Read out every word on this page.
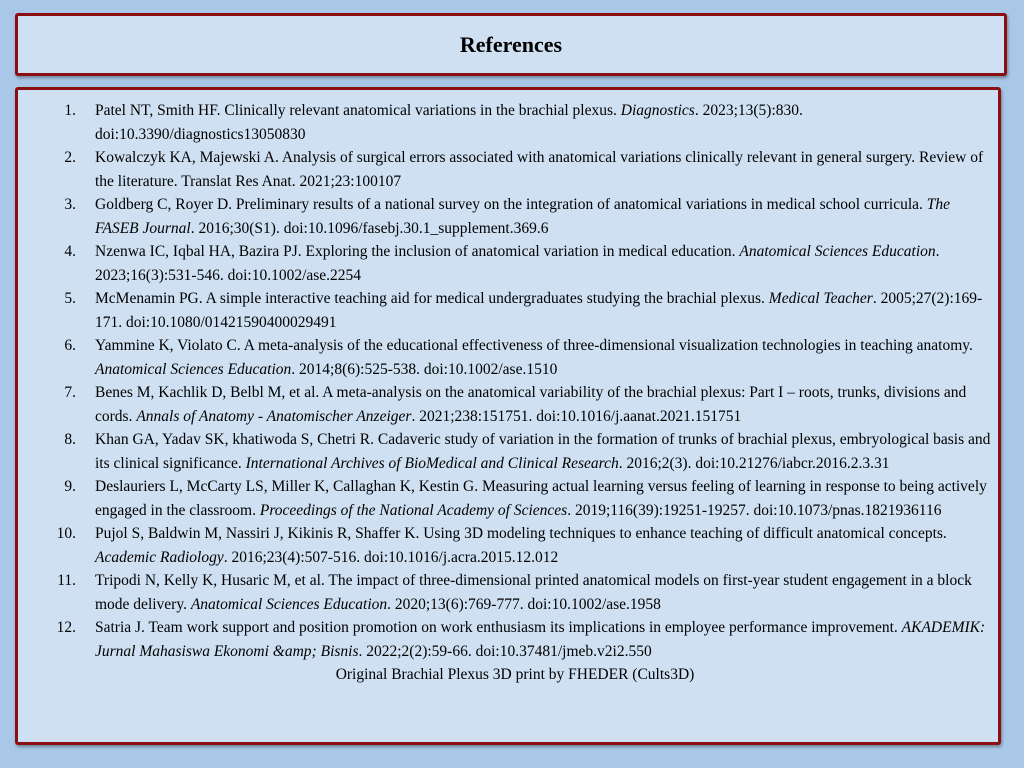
References
1. Patel NT, Smith HF. Clinically relevant anatomical variations in the brachial plexus. Diagnostics. 2023;13(5):830. doi:10.3390/diagnostics13050830
2. Kowalczyk KA, Majewski A. Analysis of surgical errors associated with anatomical variations clinically relevant in general surgery. Review of the literature. Translat Res Anat. 2021;23:100107
3. Goldberg C, Royer D. Preliminary results of a national survey on the integration of anatomical variations in medical school curricula. The FASEB Journal. 2016;30(S1). doi:10.1096/fasebj.30.1_supplement.369.6
4. Nzenwa IC, Iqbal HA, Bazira PJ. Exploring the inclusion of anatomical variation in medical education. Anatomical Sciences Education. 2023;16(3):531-546. doi:10.1002/ase.2254
5. McMenamin PG. A simple interactive teaching aid for medical undergraduates studying the brachial plexus. Medical Teacher. 2005;27(2):169-171. doi:10.1080/01421590400029491
6. Yammine K, Violato C. A meta‐analysis of the educational effectiveness of three‐dimensional visualization technologies in teaching anatomy. Anatomical Sciences Education. 2014;8(6):525-538. doi:10.1002/ase.1510
7. Benes M, Kachlik D, Belbl M, et al. A meta-analysis on the anatomical variability of the brachial plexus: Part I – roots, trunks, divisions and cords. Annals of Anatomy - Anatomischer Anzeiger. 2021;238:151751. doi:10.1016/j.aanat.2021.151751
8. Khan GA, Yadav SK, khatiwoda S, Chetri R. Cadaveric study of variation in the formation of trunks of brachial plexus, embryological basis and its clinical significance. International Archives of BioMedical and Clinical Research. 2016;2(3). doi:10.21276/iabcr.2016.2.3.31
9. Deslauriers L, McCarty LS, Miller K, Callaghan K, Kestin G. Measuring actual learning versus feeling of learning in response to being actively engaged in the classroom. Proceedings of the National Academy of Sciences. 2019;116(39):19251-19257. doi:10.1073/pnas.1821936116
10. Pujol S, Baldwin M, Nassiri J, Kikinis R, Shaffer K. Using 3D modeling techniques to enhance teaching of difficult anatomical concepts. Academic Radiology. 2016;23(4):507-516. doi:10.1016/j.acra.2015.12.012
11. Tripodi N, Kelly K, Husaric M, et al. The impact of three‐dimensional printed anatomical models on first‐year student engagement in a block mode delivery. Anatomical Sciences Education. 2020;13(6):769-777. doi:10.1002/ase.1958
12. Satria J. Team work support and position promotion on work enthusiasm its implications in employee performance improvement. AKADEMIK: Jurnal Mahasiswa Ekonomi &amp; Bisnis. 2022;2(2):59-66. doi:10.37481/jmeb.v2i2.550
Original Brachial Plexus 3D print by FHEDER (Cults3D)
